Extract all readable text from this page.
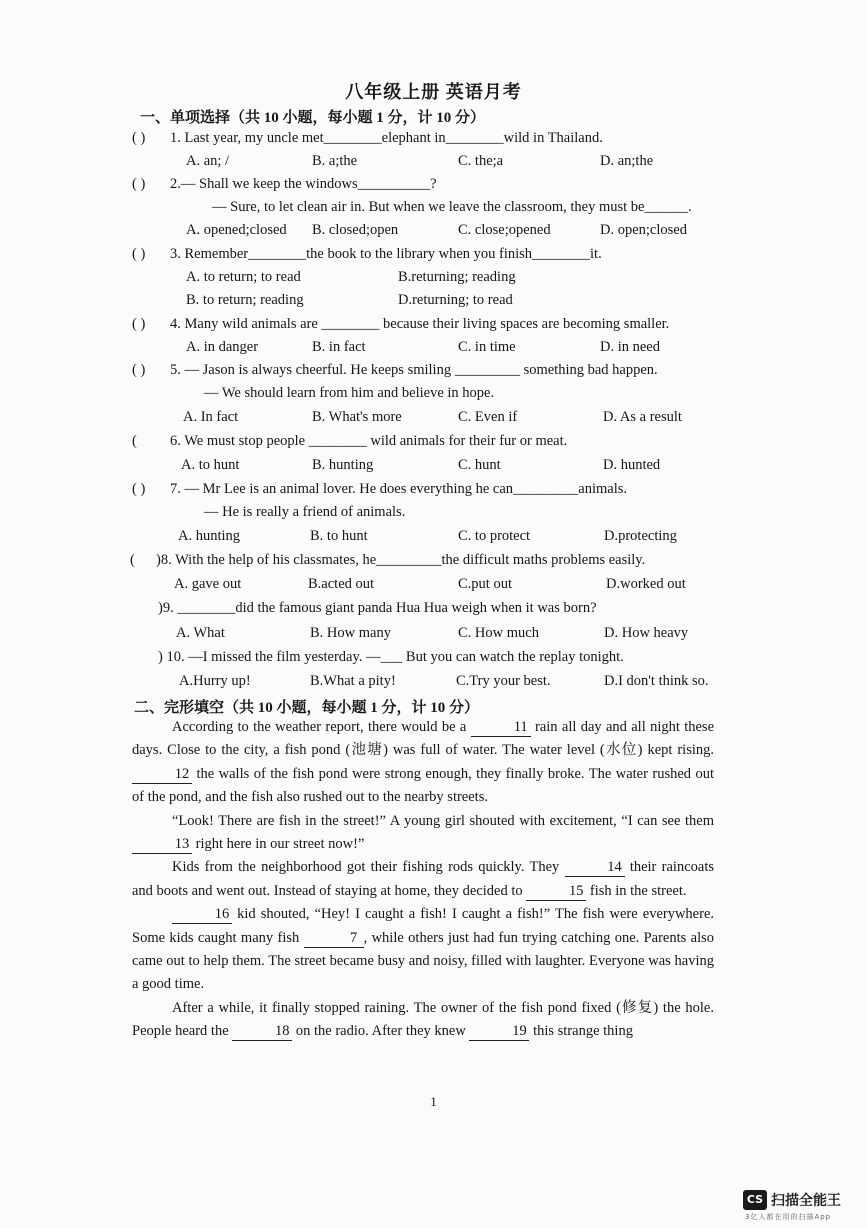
八年级上册 英语月考
一、单项选择（共 10 小题，每小题 1 分，计 10 分）
( ) 1. Last year, my uncle met________elephant in________wild in Thailand.
A. an; /	B. a;the	C. the;a	D. an;the
( ) 2.— Shall we keep the windows__________?
— Sure, to let clean air in. But when we leave the classroom, they must be______.
A. opened;closed B. closed;open	C. close;opened	D. open;closed
( ) 3. Remember________the book to the library when you finish________it.
A. to return; to read	B.returning; reading
B. to return; reading	D.returning; to read
( ) 4. Many wild animals are ________ because their living spaces are becoming smaller.
A. in danger	B. in fact	C. in time	D. in need
( ) 5. — Jason is always cheerful. He keeps smiling _________ something bad happen.
— We should learn from him and believe in hope.
A. In fact	B. What's more	C. Even if	D. As a result
(6. We must stop people ________ wild animals for their fur or meat.
A. to hunt	B. hunting	C. hunt	D. hunted
( ) 7. — Mr Lee is an animal lover. He does everything he can_________animals.
— He is really a friend of animals.
A. hunting	B. to hunt	C. to protect	D.protecting
()8. With the help of his classmates, he_________the difficult maths problems easily.
A. gave out	B.acted out	C.put out	D.worked out
)9. ________did the famous giant panda Hua Hua weigh when it was born?
A. What	B. How many	C. How much	D. How heavy
) 10. —I missed the film yesterday. —___ But you can watch the replay tonight.
A.Hurry up!	B.What a pity!	C.Try your best.	D.I don't think so.
二、完形填空（共 10 小题，每小题 1 分，计 10 分）

According to the weather report, there would be a	11 rain all day and all night these days. Close to the city, a fish pond (池塘) was full of water. The water level (水位) kept rising. 12 the walls of the fish pond were strong enough, they finally broke. The water rushed out of the pond, and the fish also rushed out to the nearby streets.

“Look! There are fish in the street!” A young girl shouted with excitement, “I can see them 13 right here in our street now!”

Kids from the neighborhood got their fishing rods quickly. They	14 their raincoats and boots and went out. Instead of staying at home, they decided to	15 fish in the street.

16 kid shouted, “Hey! I caught a fish! I caught a fish!” The fish were everywhere. Some kids caught many fish	7 , while others just had fun trying catching one. Parents also came out to help them. The street became busy and noisy, filled with laughter. Everyone was having a good time.

After a while, it finally stopped raining. The owner of the fish pond fixed (修复) the hole. People heard the	18 on the radio. After they knew	19 this strange thing

1
CS 扫描全能王
3亿人都在用的扫描App
